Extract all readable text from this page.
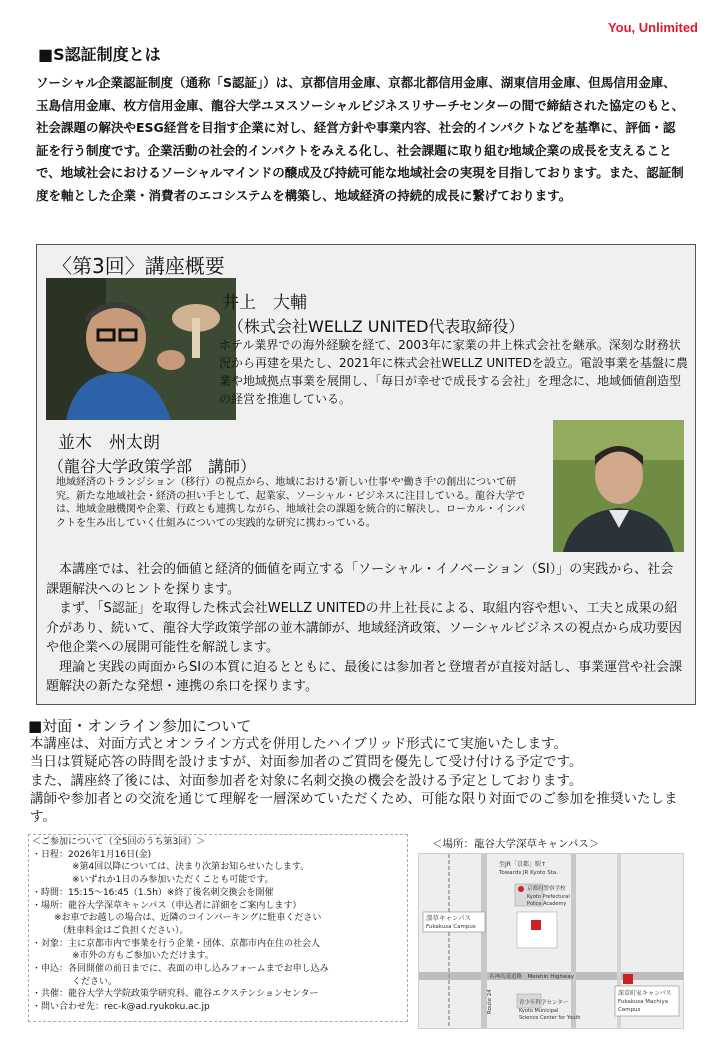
You, Unlimited
■S認証制度とは
ソーシャル企業認証制度（通称「S認証」）は、京都信用金庫、京都北都信用金庫、湖東信用金庫、但馬信用金庫、玉島信用金庫、枚方信用金庫、龍谷大学ユヌスソーシャルビジネスリサーチセンターの間で締結された協定のもと、社会課題の解決やESG経営を目指す企業に対し、経営方針や事業内容、社会的インパクトなどを基準に、評価・認証を行う制度です。企業活動の社会的インパクトをみえる化し、社会課題に取り組む地域企業の成長を支えることで、地域社会におけるソーシャルマインドの醸成及び持続可能な地域社会の実現を目指しております。また、認証制度を軸とした企業・消費者のエコシステムを構築し、地域経済の持続的成長に繋げております。
〈第3回〉講座概要
井上　大輔
（株式会社WELLZ UNITED代表取締役）
ホテル業界での海外経験を経て、2003年に家業の井上株式会社を継承。深刻な財務状況から再建を果たし、2021年に株式会社WELLZ UNITEDを設立。電設事業を基盤に農業や地域拠点事業を展開し、「毎日が幸せで成長する会社」を理念に、地域価値創造型の経営を推進している。
並木　州太朗
（龍谷大学政策学部　講師）
地域経済のトランジション（移行）の視点から、地域における'新しい仕事'や'働き手'の創出について研究。新たな地域社会・経済の担い手として、起業家、ソーシャル・ビジネスに注目している。龍谷大学では、地域金融機関や企業、行政とも連携しながら、地域社会の課題を統合的に解決し、ローカル・インパクトを生み出していく仕組みについての実践的な研究に携わっている。

本講座では、社会的価値と経済的価値を両立する「ソーシャル・イノベーション（SI）」の実践から、社会課題解決へのヒントを探ります。

まず、「S認証」を取得した株式会社WELLZ UNITEDの井上社長による、取組内容や想い、工夫と成果の紹介があり、続いて、龍谷大学政策学部の並木講師が、地域経済政策、ソーシャルビジネスの視点から成功要因や他企業への展開可能性を解説します。

理論と実践の両面からSIの本質に迫るとともに、最後には参加者と登壇者が直接対話し、事業運営や社会課題解決の新たな発想・連携の糸口を探ります。

■対面・オンライン参加について

本講座は、対面方式とオンライン方式を併用したハイブリッド形式にて実施いたします。

当日は質疑応答の時間を設けますが、対面参加者のご質問を優先して受け付ける予定です。

また、講座終了後には、対面参加者を対象に名刺交換の機会を設ける予定としております。

講師や参加者との交流を通じて理解を一層深めていただくため、可能な限り対面でのご参加を推奨いたします。

＜ご参加について（全5回のうち第3回）＞
・日程： 2026年1月16日(金)
※第4回以降については、決まり次第お知らせいたします。
※いずれか1日のみ参加いただくことも可能です。
・時間： 15:15～16:45（1.5h）※終了後名刺交換会を開催
・場所： 龍谷大学深草キャンパス（申込者に詳細をご案内します）
※お車でお越しの場合は、近隣のコインパーキングに駐車ください
（駐車料金はご負担ください）。
・対象： 主に京都市内で事業を行う企業・団体、京都市内在住の社会人
※市外の方もご参加いただけます。
・申込： 各回開催の前日までに、表面の申し込みフォームまでお申し込み
ください。
・共催： 龍谷大学大学院政策学研究科、龍谷エクステンションセンター
・問い合わせ先： rec-k@ad.ryukoku.ac.jp
＜場所：龍谷大学深草キャンパス＞
至JR「京都」駅↑
Towards JR Kyoto Sta.
京都府警察学校
Kyoto Prefectural
Police Academy
深草キャンパス
Fukakusa Campus
名神高速道路　Meishin Highway
青少年科学センター
Kyoto Municipal
Science Center for Youth
深草町家キャンパス
Fukakusa Machiya
Campus
Route 24
